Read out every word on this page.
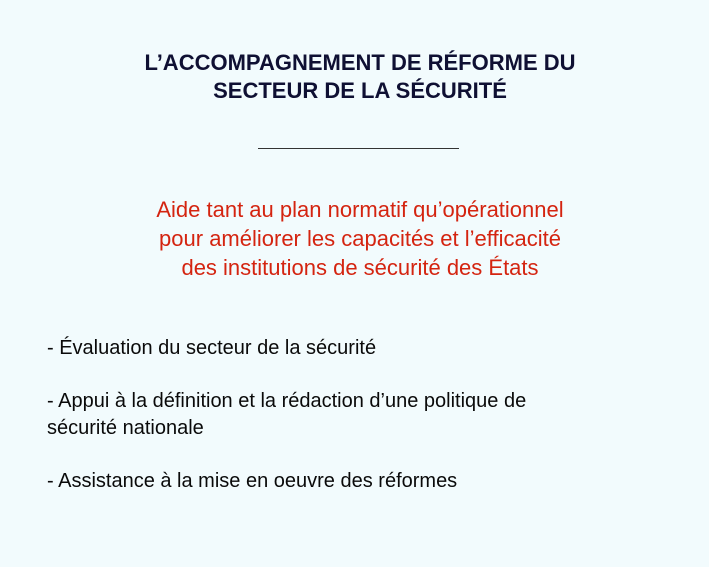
L’ACCOMPAGNEMENT DE RÉFORME DU
SECTEUR DE LA SÉCURITÉ

Aide tant au plan normatif qu’opérationnel
pour améliorer les capacités et l’efficacité
des institutions de sécurité des États

- Évaluation du secteur de la sécurité
- Appui à la définition et la rédaction d’une politique de
sécurité nationale
- Assistance à la mise en oeuvre des réformes
